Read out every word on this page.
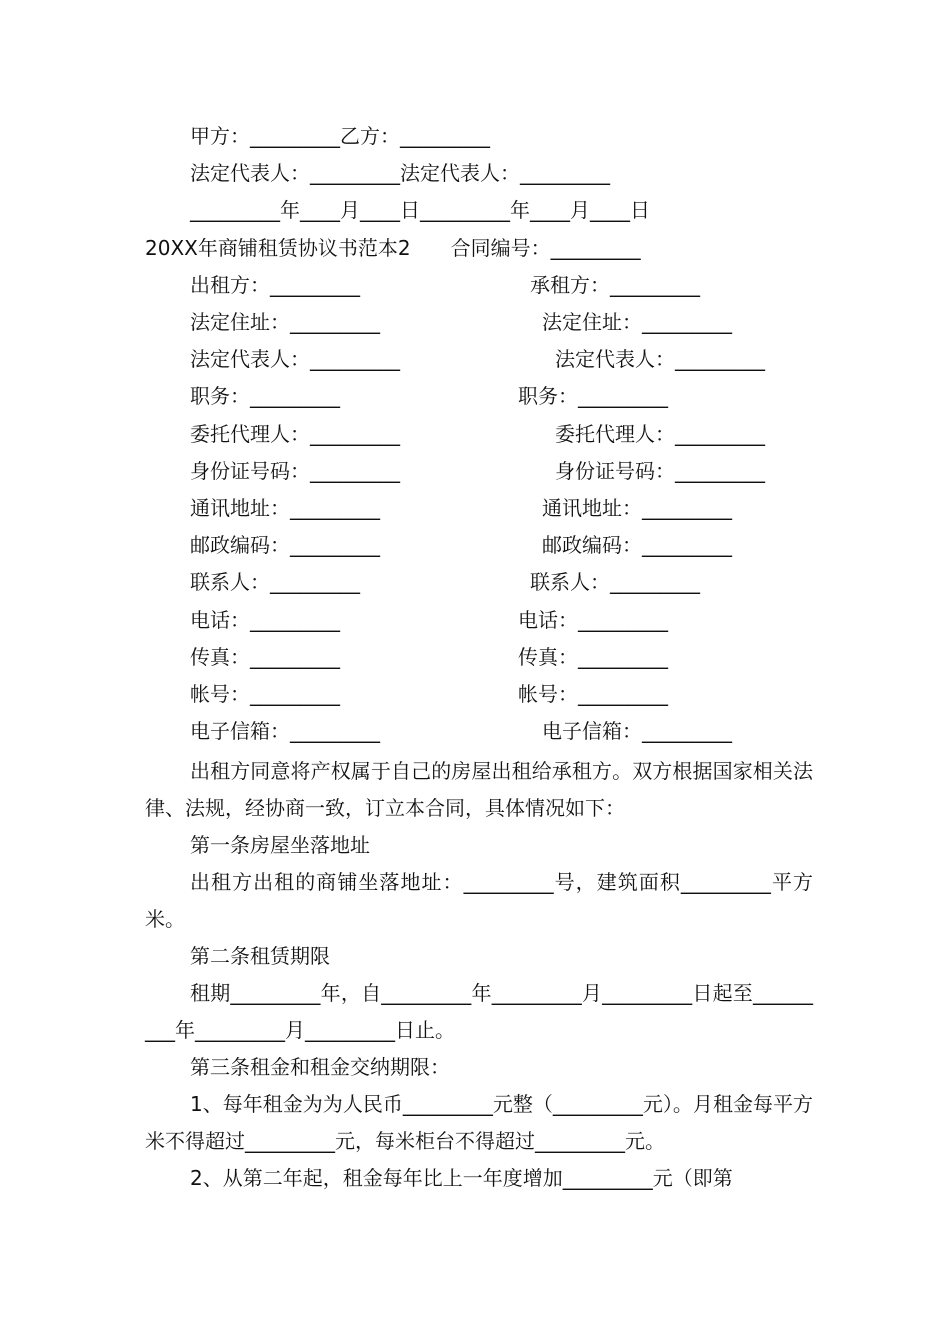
甲方：_________乙方：_________
法定代表人：_________法定代表人：_________
_________年____月____日_________年____月____日
20XX年商铺租赁协议书范本2　　合同编号：_________
出租方：_________	承租方：_________
法定住址：_________	法定住址：_________
法定代表人：_________	法定代表人：_________
职务：_________	职务：_________
委托代理人：_________	委托代理人：_________
身份证号码：_________	身份证号码：_________
通讯地址：_________	通讯地址：_________
邮政编码：_________	邮政编码：_________
联系人：_________	联系人：_________
电话：_________	电话：_________
传真：_________	传真：_________
帐号：_________	帐号：_________
电子信箱：_________	电子信箱：_________
出租方同意将产权属于自己的房屋出租给承租方。双方根据国家相关法律、法规，经协商一致，订立本合同，具体情况如下：
第一条房屋坐落地址
出租方出租的商铺坐落地址：_________号，建筑面积_________平方米。
第二条租赁期限
租期_________年，自_________年_________月_________日起至_________年_________月_________日止。
第三条租金和租金交纳期限：
1、每年租金为为人民币_________元整（_________元）。月租金每平方米不得超过_________元，每米柜台不得超过_________元。
2、从第二年起，租金每年比上一年度增加_________元（即第
